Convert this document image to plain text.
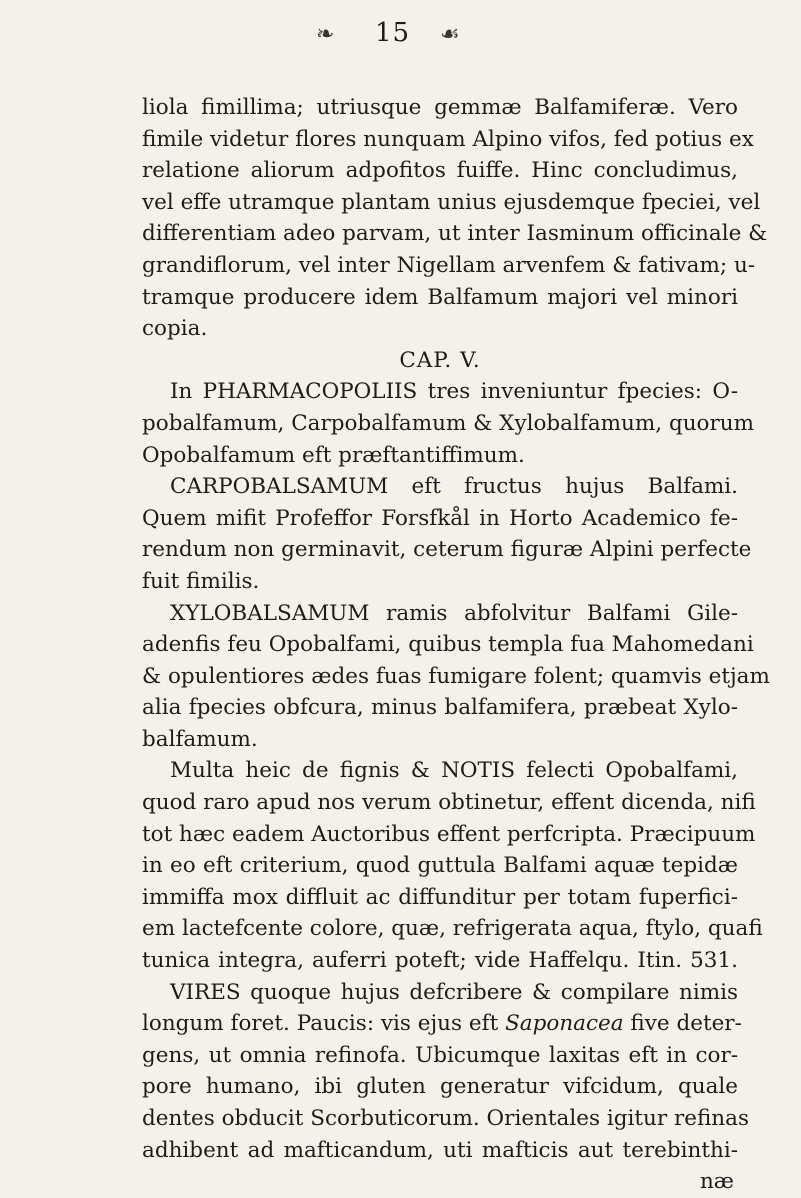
❧ 15 ☙
liola fimillima; utriusque gemmæ Balfamiferæ. Vero
fimile videtur flores nunquam Alpino vifos, fed potius ex
relatione aliorum adpofitos fuiffe. Hinc concludimus,
vel effe utramque plantam unius ejusdemque fpeciei, vel
differentiam adeo parvam, ut inter Iasminum officinale &
grandiflorum, vel inter Nigellam arvenfem & fativam; u-
tramque producere idem Balfamum majori vel minori
copia.
CAP. V.
In PHARMACOPOLIIS tres inveniuntur fpecies: O-
pobalfamum, Carpobalfamum & Xylobalfamum, quorum
Opobalfamum eft præftantiffimum.
CARPOBALSAMUM eft fructus hujus Balfami.
Quem mifit Profeffor Forsfkål in Horto Academico fe-
rendum non germinavit, ceterum figuræ Alpini perfecte
fuit fimilis.
XYLOBALSAMUM ramis abfolvitur Balfami Gile-
adenfis feu Opobalfami, quibus templa fua Mahomedani
& opulentiores ædes fuas fumigare folent; quamvis etjam
alia fpecies obfcura, minus balfamifera, præbeat Xylo-
balfamum.
Multa heic de fignis & NOTIS felecti Opobalfami,
quod raro apud nos verum obtinetur, effent dicenda, nifi
tot hæc eadem Auctoribus effent perfcripta. Præcipuum
in eo eft criterium, quod guttula Balfami aquæ tepidæ
immiffa mox diffluit ac diffunditur per totam fuperfici-
em lactefcente colore, quæ, refrigerata aqua, ftylo, quafi
tunica integra, auferri poteft; vide Haffelqu. Itin. 531.
VIRES quoque hujus defcribere & compilare nimis
longum foret. Paucis: vis ejus eft Saponacea five deter-
gens, ut omnia refinofa. Ubicumque laxitas eft in cor-
pore humano, ibi gluten generatur vifcidum, quale
dentes obducit Scorbuticorum. Orientales igitur refinas
adhibent ad mafticandum, uti mafticis aut terebinthi-
næ
